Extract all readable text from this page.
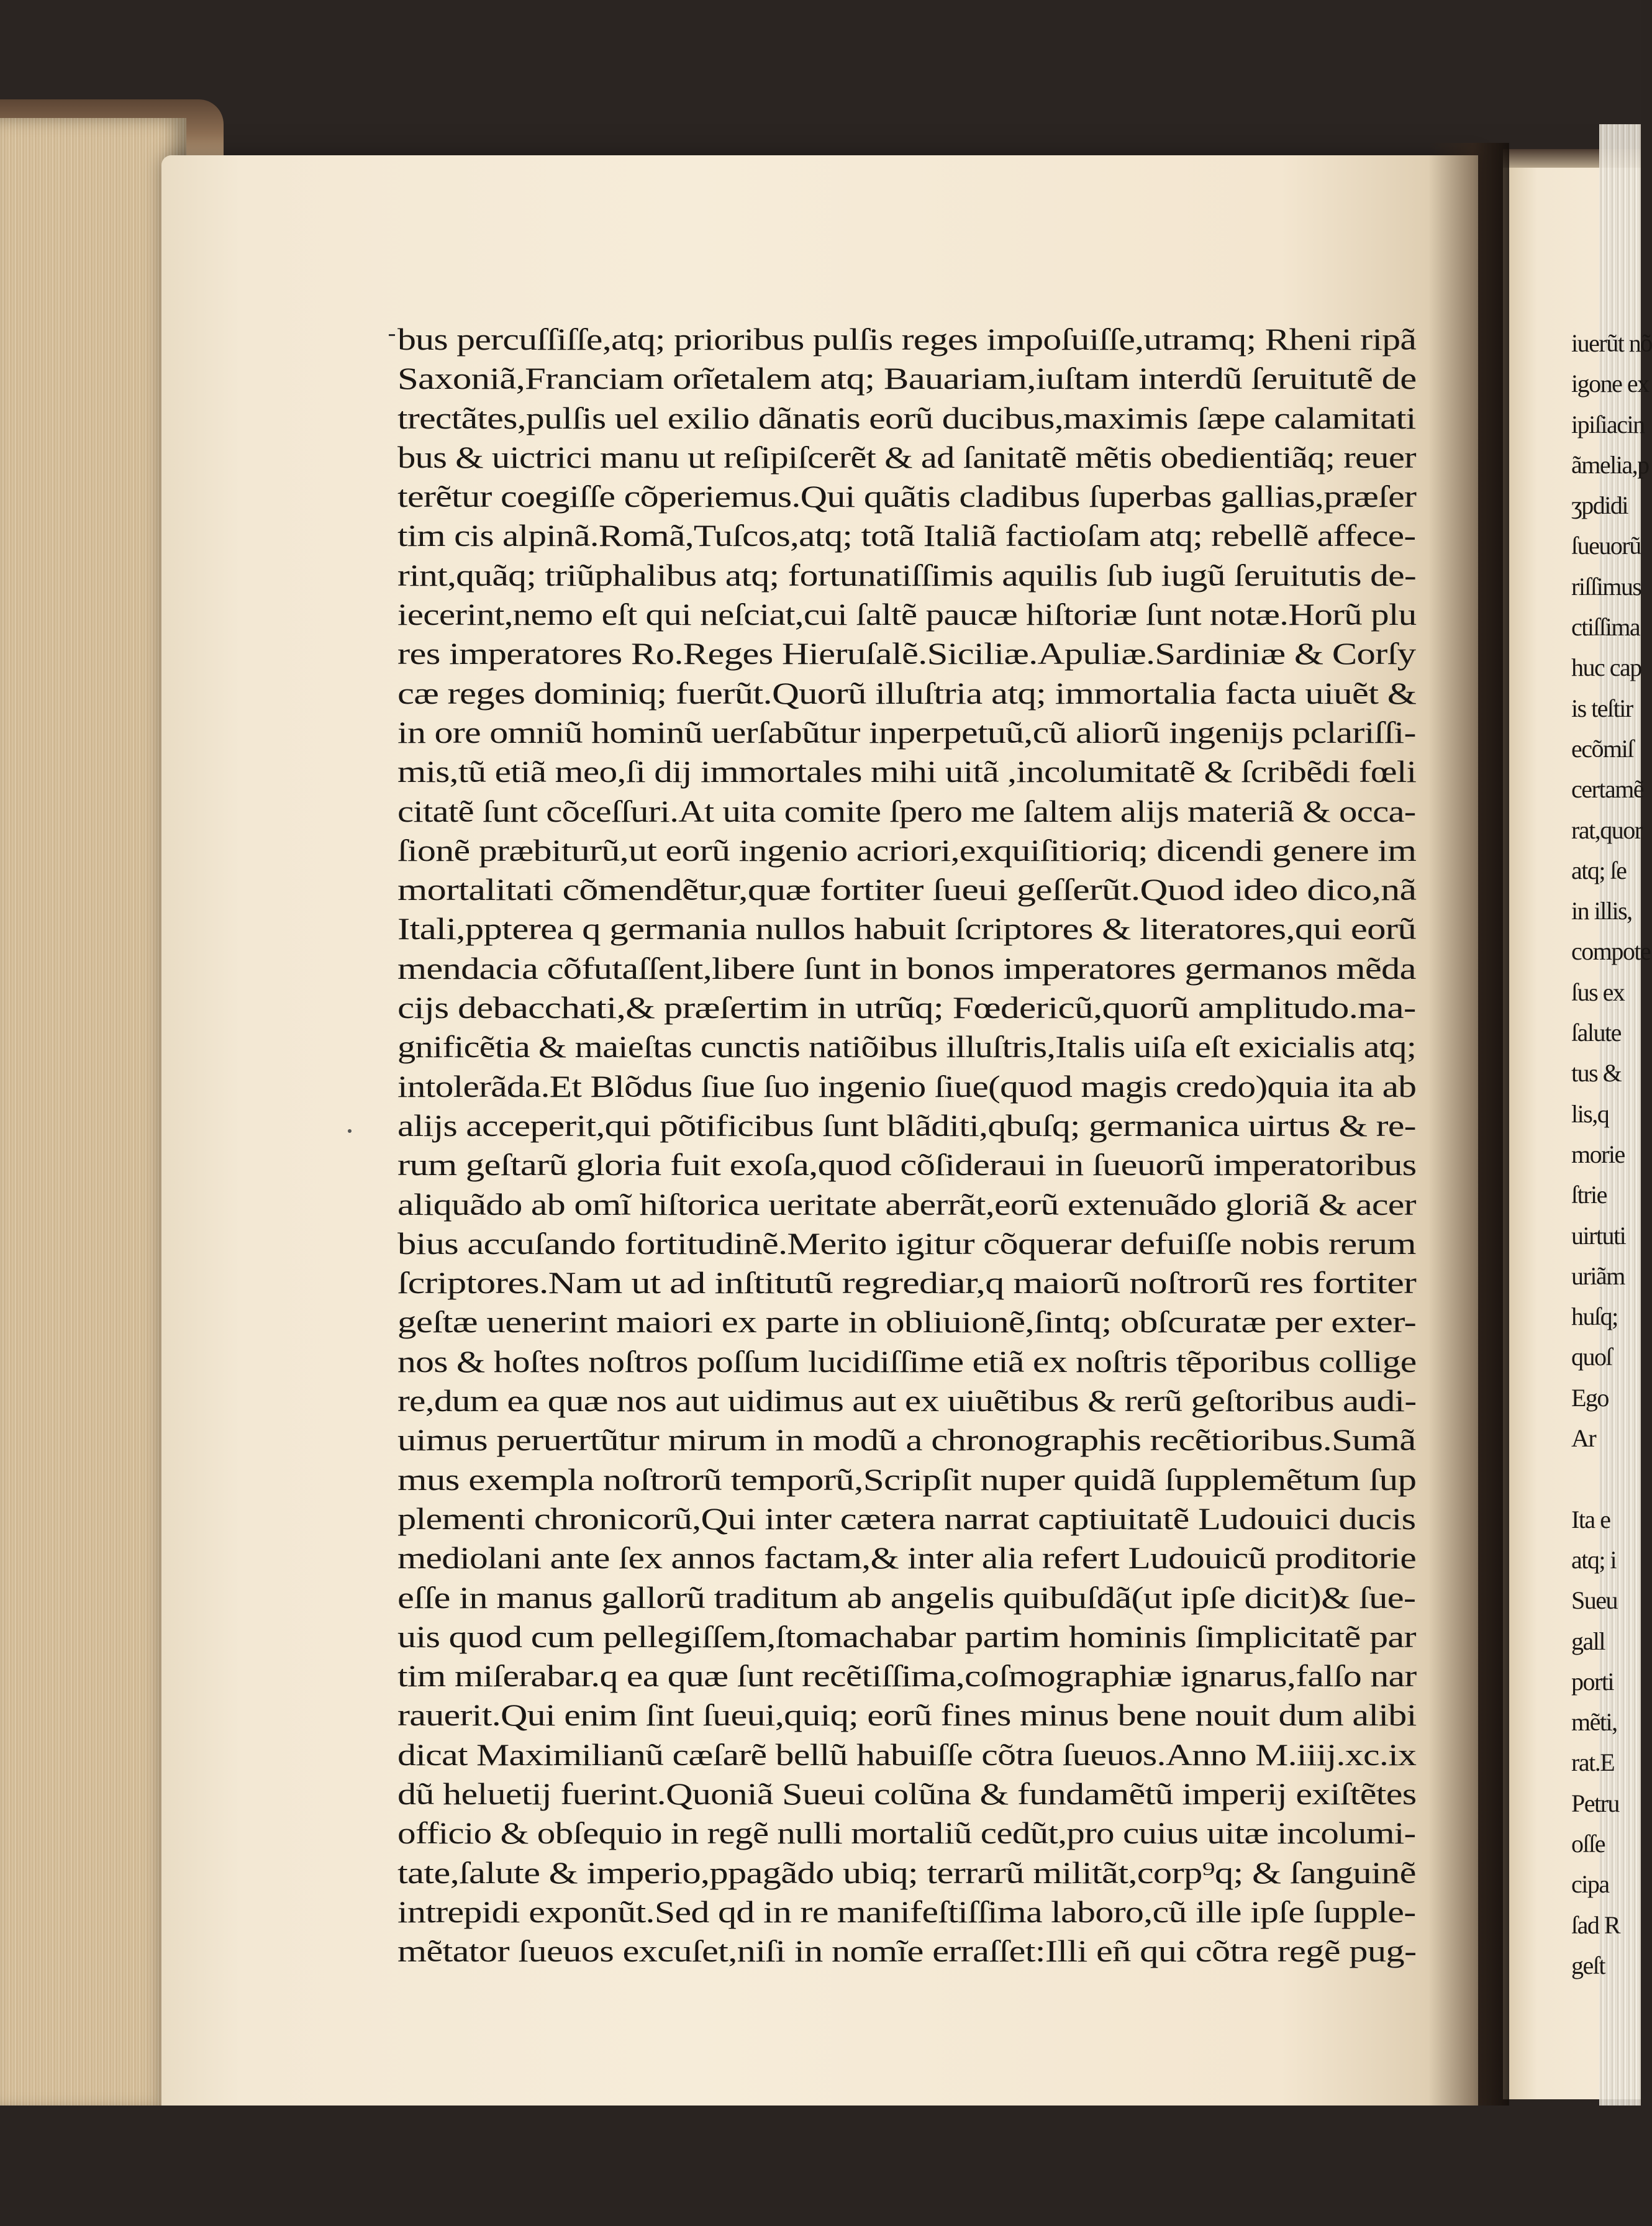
bus percuſſiſſe,atq; prioribus pulſis reges impoſuiſſe,utramq; Rheni ripã
Saxoniã,Franciam orĩetalem atq; Bauariam,iuſtam interdũ ſeruitutẽ de
trectãtes,pulſis uel exilio dãnatis eorũ ducibus,maximis ſæpe calamitati
bus & uictrici manu ut reſipiſcerẽt & ad ſanitatẽ mẽtis obedientiãq; reuer
terẽtur coegiſſe cõperiemus.Qui quãtis cladibus ſuperbas gallias,præſer
tim cis alpinã.Romã,Tuſcos,atq; totã Italiã factioſam atq; rebellẽ affece-
rint,quãq; triũphalibus atq; fortunatiſſimis aquilis ſub iugũ ſeruitutis de-
iecerint,nemo eſt qui neſciat,cui ſaltẽ paucæ hiſtoriæ ſunt notæ.Horũ plu
res imperatores Ro.Reges Hieruſalẽ.Siciliæ.Apuliæ.Sardiniæ & Corſy
cæ reges dominiq; fuerũt.Quorũ illuſtria atq; immortalia facta uiuẽt &
in ore omniũ hominũ uerſabũtur inperpetuũ,cũ aliorũ ingenijs pclariſſi-
mis,tũ etiã meo,ſi dij immortales mihi uitã ,incolumitatẽ & ſcribẽdi fœli
citatẽ ſunt cõceſſuri.At uita comite ſpero me ſaltem alijs materiã & occa-
ſionẽ præbiturũ,ut eorũ ingenio acriori,exquiſitioriq; dicendi genere im
mortalitati cõmendẽtur,quæ fortiter ſueui geſſerũt.Quod ideo dico,nã
Itali,ppterea q germania nullos habuit ſcriptores & literatores,qui eorũ
mendacia cõfutaſſent,libere ſunt in bonos imperatores germanos mẽda
cijs debacchati,& præſertim in utrũq; Fœdericũ,quorũ amplitudo.ma-
gnificẽtia & maieſtas cunctis natiõibus illuſtris,Italis uiſa eſt exicialis atq;
intolerãda.Et Blõdus ſiue ſuo ingenio ſiue(quod magis credo)quia ita ab
alijs acceperit,qui põtificibus ſunt blãditi,qbuſq; germanica uirtus & re-
rum geſtarũ gloria fuit exoſa,quod cõſideraui in ſueuorũ imperatoribus
aliquãdo ab omĩ hiſtorica ueritate aberrãt,eorũ extenuãdo gloriã & acer
bius accuſando fortitudinẽ.Merito igitur cõquerar defuiſſe nobis rerum
ſcriptores.Nam ut ad inſtitutũ regrediar,q maiorũ noſtrorũ res fortiter
geſtæ uenerint maiori ex parte in obliuionẽ,ſintq; obſcuratæ per exter-
nos & hoſtes noſtros poſſum lucidiſſime etiã ex noſtris tẽporibus collige
re,dum ea quæ nos aut uidimus aut ex uiuẽtibus & rerũ geſtoribus audi-
uimus peruertũtur mirum in modũ a chronographis recẽtioribus.Sumã
mus exempla noſtrorũ temporũ,Scripſit nuper quidã ſupplemẽtum ſup
plementi chronicorũ,Qui inter cætera narrat captiuitatẽ Ludouici ducis
mediolani ante ſex annos factam,& inter alia refert Ludouicũ proditorie
eſſe in manus gallorũ traditum ab angelis quibuſdã(ut ipſe dicit)& ſue-
uis quod cum pellegiſſem,ſtomachabar partim hominis ſimplicitatẽ par
tim miſerabar.q ea quæ ſunt recẽtiſſima,coſmographiæ ignarus,falſo nar
rauerit.Qui enim ſint ſueui,quiq; eorũ fines minus bene nouit dum alibi
dicat Maximilianũ cæſarẽ bellũ habuiſſe cõtra ſueuos.Anno M.iiij.xc.ix
dũ heluetij fuerint.Quoniã Sueui colũna & fundamẽtũ imperij exiſtẽtes
officio & obſequio in regẽ nulli mortaliũ cedũt,pro cuius uitæ incolumi-
tate,ſalute & imperio,ppagãdo ubiq; terrarũ militãt,corp⁹q; & ſanguinẽ
intrepidi exponũt.Sed qd in re manifeſtiſſima laboro,cũ ille ipſe ſupple-
mẽtator ſueuos excuſet,niſi in nomĩe erraſſet:Illi eñ qui cõtra regẽ pug-
iuerũt nõ
igone ex
ipiſiacin
ãmelia,p
ʒpdidi
ſueuorũ
riſſimus
ctiſſima
huc cap
is teſtir
ecõmiſ
certamẽ
rat,quor
atq; ſe
in illis,
compote
ſus ex
ſalute
tus &
lis,q
morie
ſtrie
uirtuti
uriãm
huſq;
quoſ
Ego
Ar
Ita e
atq; i
Sueu
gall
porti
mẽti,
rat.E
Petru
oſſe
cipa
ſad R
geſt
